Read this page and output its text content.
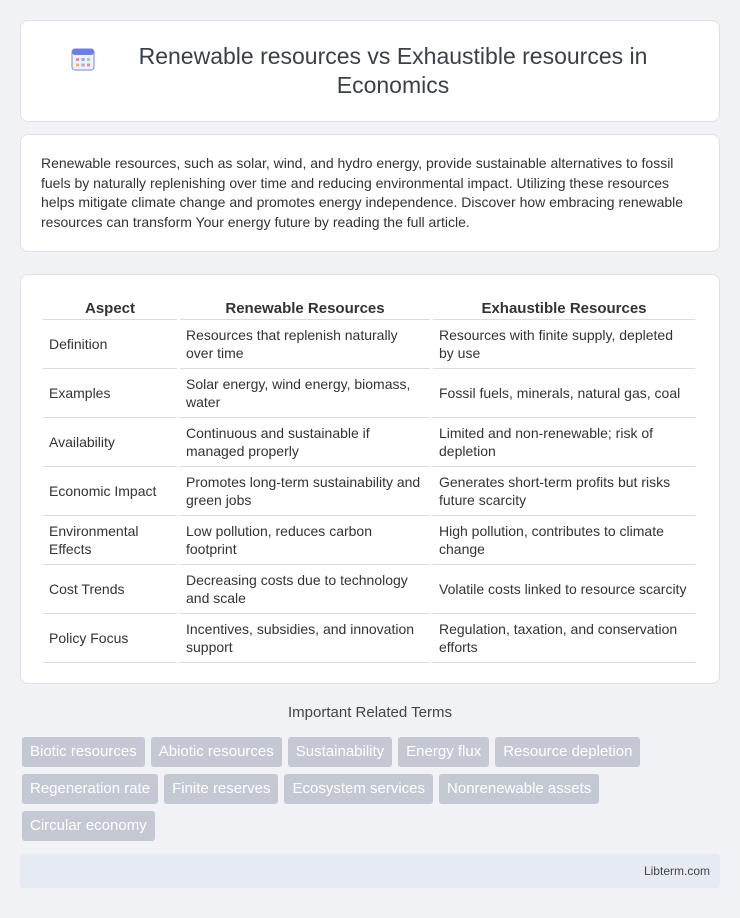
Renewable resources vs Exhaustible resources in Economics

Renewable resources, such as solar, wind, and hydro energy, provide sustainable alternatives to fossil fuels by naturally replenishing over time and reducing environmental impact. Utilizing these resources helps mitigate climate change and promotes energy independence. Discover how embracing renewable resources can transform Your energy future by reading the full article.

Aspect	Renewable Resources	Exhaustible Resources
Definition	Resources that replenish naturally over time	Resources with finite supply, depleted by use
Examples	Solar energy, wind energy, biomass, water	Fossil fuels, minerals, natural gas, coal
Availability	Continuous and sustainable if managed properly	Limited and non-renewable; risk of depletion
Economic Impact	Promotes long-term sustainability and green jobs	Generates short-term profits but risks future scarcity
Environmental Effects	Low pollution, reduces carbon footprint	High pollution, contributes to climate change
Cost Trends	Decreasing costs due to technology and scale	Volatile costs linked to resource scarcity
Policy Focus	Incentives, subsidies, and innovation support	Regulation, taxation, and conservation efforts
Important Related Terms
Biotic resources	Abiotic resources	Sustainability	Energy flux	Resource depletion
Regeneration rate	Finite reserves	Ecosystem services	Nonrenewable assets
Circular economy
Libterm.com
